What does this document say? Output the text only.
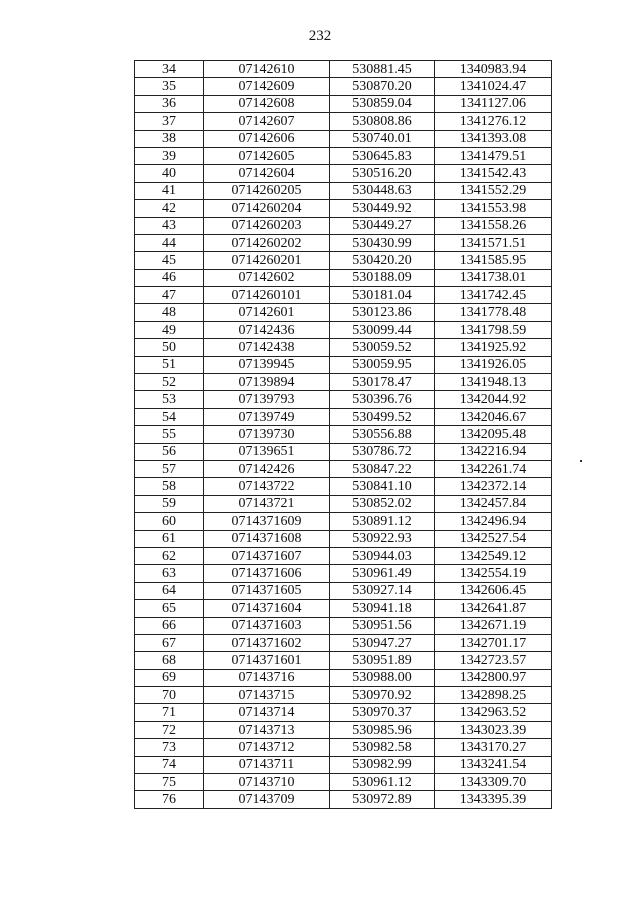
232
34	07142610	530881.45	1340983.94
35	07142609	530870.20	1341024.47
36	07142608	530859.04	1341127.06
37	07142607	530808.86	1341276.12
38	07142606	530740.01	1341393.08
39	07142605	530645.83	1341479.51
40	07142604	530516.20	1341542.43
41	0714260205	530448.63	1341552.29
42	0714260204	530449.92	1341553.98
43	0714260203	530449.27	1341558.26
44	0714260202	530430.99	1341571.51
45	0714260201	530420.20	1341585.95
46	07142602	530188.09	1341738.01
47	0714260101	530181.04	1341742.45
48	07142601	530123.86	1341778.48
49	07142436	530099.44	1341798.59
50	07142438	530059.52	1341925.92
51	07139945	530059.95	1341926.05
52	07139894	530178.47	1341948.13
53	07139793	530396.76	1342044.92
54	07139749	530499.52	1342046.67
55	07139730	530556.88	1342095.48
56	07139651	530786.72	1342216.94
57	07142426	530847.22	1342261.74
58	07143722	530841.10	1342372.14
59	07143721	530852.02	1342457.84
60	0714371609	530891.12	1342496.94
61	0714371608	530922.93	1342527.54
62	0714371607	530944.03	1342549.12
63	0714371606	530961.49	1342554.19
64	0714371605	530927.14	1342606.45
65	0714371604	530941.18	1342641.87
66	0714371603	530951.56	1342671.19
67	0714371602	530947.27	1342701.17
68	0714371601	530951.89	1342723.57
69	07143716	530988.00	1342800.97
70	07143715	530970.92	1342898.25
71	07143714	530970.37	1342963.52
72	07143713	530985.96	1343023.39
73	07143712	530982.58	1343170.27
74	07143711	530982.99	1343241.54
75	07143710	530961.12	1343309.70
76	07143709	530972.89	1343395.39
